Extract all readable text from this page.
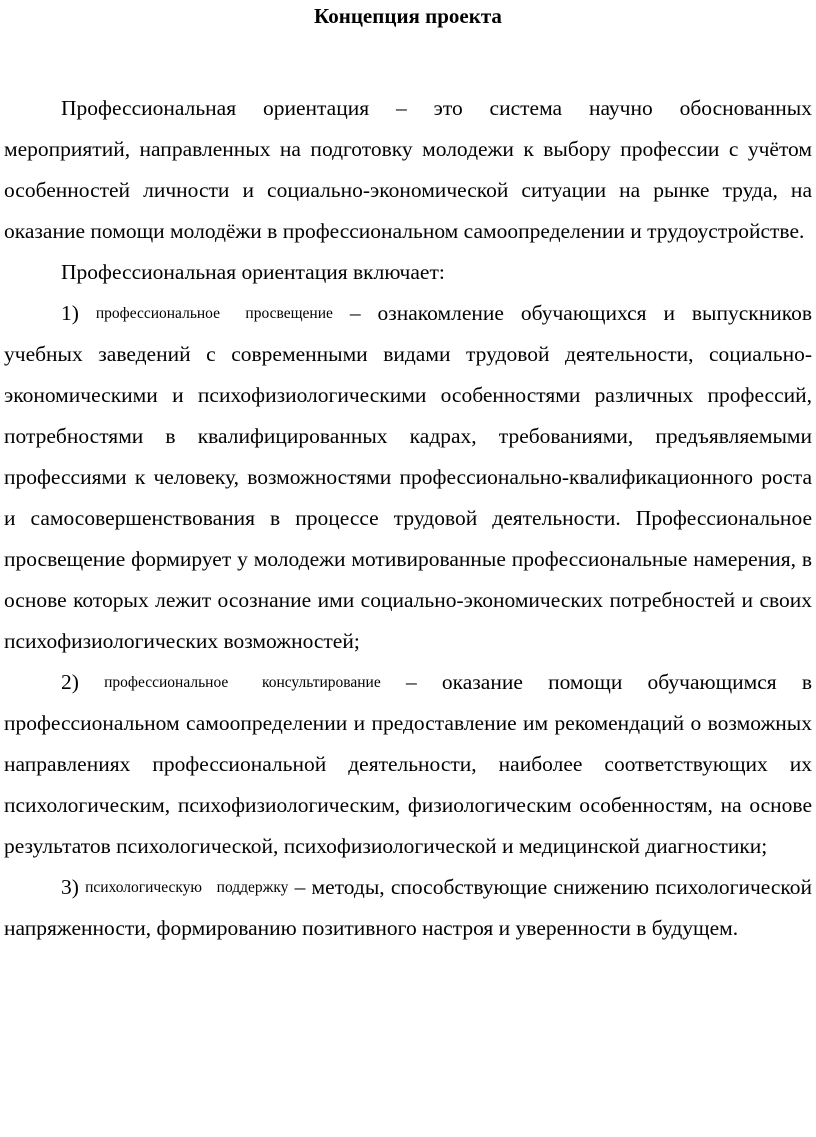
Концепция проекта

Профессиональная ориентация – это система научно обоснованных мероприятий, направленных на подготовку молодежи к выбору профессии с учётом особенностей личности и социально-экономической ситуации на рынке труда, на оказание помощи молодёжи в профессиональном самоопределении и трудоустройстве.

Профессиональная ориентация включает:

1) профессиональное просвещение – ознакомление обучающихся и выпускников учебных заведений с современными видами трудовой деятельности, социально-экономическими и психофизиологическими особенностями различных профессий, потребностями в квалифицированных кадрах, требованиями, предъявляемыми профессиями к человеку, возможностями профессионально-квалификационного роста и самосовершенствования в процессе трудовой деятельности. Профессиональное просвещение формирует у молодежи мотивированные профессиональные намерения, в основе которых лежит осознание ими социально-экономических потребностей и своих психофизиологических возможностей;

2) профессиональное консультирование – оказание помощи обучающимся в профессиональном самоопределении и предоставление им рекомендаций о возможных направлениях профессиональной деятельности, наиболее соответствующих их психологическим, психофизиологическим, физиологическим особенностям, на основе результатов психологической, психофизиологической и медицинской диагностики;

3) психологическую поддержку – методы, способствующие снижению психологической напряженности, формированию позитивного настроя и уверенности в будущем.
